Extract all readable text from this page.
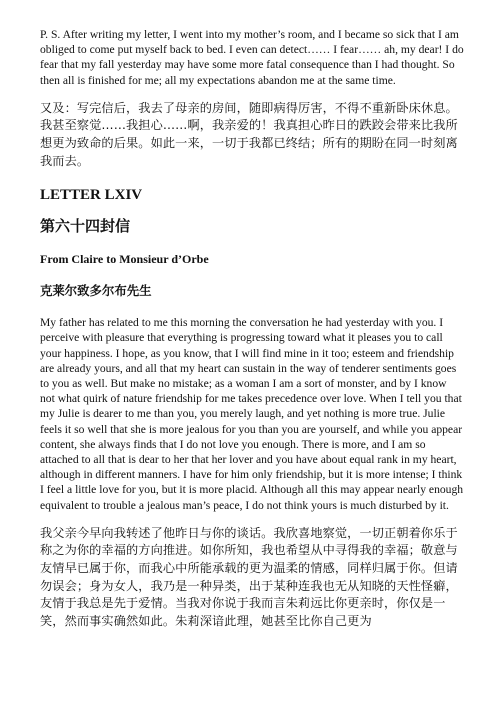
P. S. After writing my letter, I went into my mother’s room, and I became so sick that I am obliged to come put myself back to bed. I even can detect…… I fear…… ah, my dear! I do fear that my fall yesterday may have some more fatal consequence than I had thought. So then all is finished for me; all my expectations abandon me at the same time.

又及：写完信后，我去了母亲的房间，随即病得厉害，不得不重新卧床休息。我甚至察觉……我担心……啊，我亲爱的！我真担心昨日的跌跤会带来比我所想更为致命的后果。如此一来，一切于我都已终结；所有的期盼在同一时刻离我而去。

LETTER LXIV
第六十四封信
From Claire to Monsieur d’Orbe
克莱尔致多尔布先生

My father has related to me this morning the conversation he had yesterday with you. I perceive with pleasure that everything is progressing toward what it pleases you to call your happiness. I hope, as you know, that I will find mine in it too; esteem and friendship are already yours, and all that my heart can sustain in the way of tenderer sentiments goes to you as well. But make no mistake; as a woman I am a sort of monster, and by I know not what quirk of nature friendship for me takes precedence over love. When I tell you that my Julie is dearer to me than you, you merely laugh, and yet nothing is more true. Julie feels it so well that she is more jealous for you than you are yourself, and while you appear content, she always finds that I do not love you enough. There is more, and I am so attached to all that is dear to her that her lover and you have about equal rank in my heart, although in different manners. I have for him only friendship, but it is more intense; I think I feel a little love for you, but it is more placid. Although all this may appear nearly enough equivalent to trouble a jealous man’s peace, I do not think yours is much disturbed by it.

我父亲今早向我转述了他昨日与你的谈话。我欣喜地察觉，一切正朝着你乐于称之为你的幸福的方向推进。如你所知，我也希望从中寻得我的幸福；敬意与友情早已属于你，而我心中所能承载的更为温柔的情感，同样归属于你。但请勿误会；身为女人，我乃是一种异类，出于某种连我也无从知晓的天性怪癖，友情于我总是先于爱情。当我对你说于我而言朱莉远比你更亲时，你仅是一笑，然而事实确然如此。朱莉深谙此理，她甚至比你自己更为
